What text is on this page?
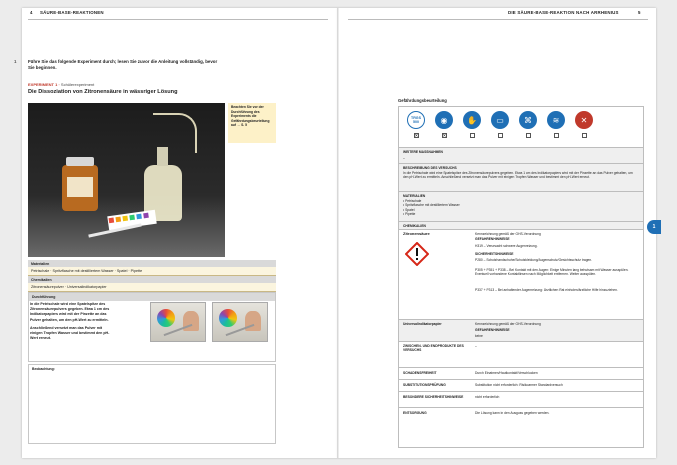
4 SÄURE-BASE-REAKTIONEN	DIE SÄURE-BASE-REAKTION NACH ARRHENIUS	5
1	Führe Sie das folgende Experiment durch; lesen Sie zuvor die Anleitung vollständig, bevor Sie beginnen.
EXPERIMENT 1 · Schülerexperiment
Die Dissoziation von Zitronensäure in wässriger Lösung
Beachten Sie vor der Durchführung des Experiments die Gefährdungsbeurteilung auf → S. 5
Materialien
Petrischale · Spritzflasche mit destilliertem Wasser · Spatel · Pipette
Chemikalien
Zitronensäurepulver · Universalindikatorpapier
Durchführung

In die Petrischale wird eine Spatelspitze des Zitronensäurepulvers gegeben. Etwa 1 cm des Indikatorpapiers wird mit der Pinzette an das Pulver gehalten, um den pH-Wert zu ermitteln.

Anschließend versetzt man das Pulver mit einigen Tropfen Wasser und bestimmt den pH-Wert erneut.

Beobachtung:
1
Gefährdungsbeurteilung
TRGS 500
✕
◉
✕
✋	▭	⌘	≋	✕
WEITERE MASSNAHMEN
–
BESCHREIBUNG DES VERSUCHS
In die Petrischale wird eine Spatelspitze des Zitronensäurepulvers gegeben. Etwa 1 cm des Indikatorpapiers wird mit der Pinzette an das Pulver gehalten, um den pH-Wert zu ermitteln. Anschließend versetzt man das Pulver mit einigen Tropfen Wasser und bestimmt den pH-Wert erneut.
MATERIALIEN

• Petrischale

• Spritzflasche mit destilliertem Wasser

• Spatel

• Pipette

CHEMIKALIEN
Zitronensäure	Kennzeichnung gemäß der GHS-Verordnung
GEFAHRENHINWEISE
H319 – Verursacht schwere Augenreizung.
SICHERHEITSHINWEISE
P280 – Schutzhandschuhe/Schutzkleidung/Augenschutz/Gesichtsschutz tragen.
P305 + P351 + P338 – Bei Kontakt mit den Augen: Einige Minuten lang behutsam mit Wasser ausspülen. Eventuell vorhandene Kontaktlinsen nach Möglichkeit entfernen. Weiter ausspülen.
P337 + P313 – Bei anhaltender Augenreizung: Ärztlichen Rat einholen/ärztliche Hilfe hinzuziehen.
Universalindikatorpapier	Kennzeichnung gemäß der GHS-Verordnung
GEFAHRENHINWEISE
keine
ZWISCHEN- UND ENDPRODUKTE DES VERSUCHS
–
SCHADENSFREIHEIT	Durch Einatmen/Hautkontakt/Verschlucken
SUBSTITUTIONSPRÜFUNG	Substitution nicht erforderlich: Risikoarmer Standardversuch
BESONDERE SICHERHEITSHINWEISE	nicht erforderlich
ENTSORGUNG	Die Lösung kann in den Ausguss gegeben werden.
